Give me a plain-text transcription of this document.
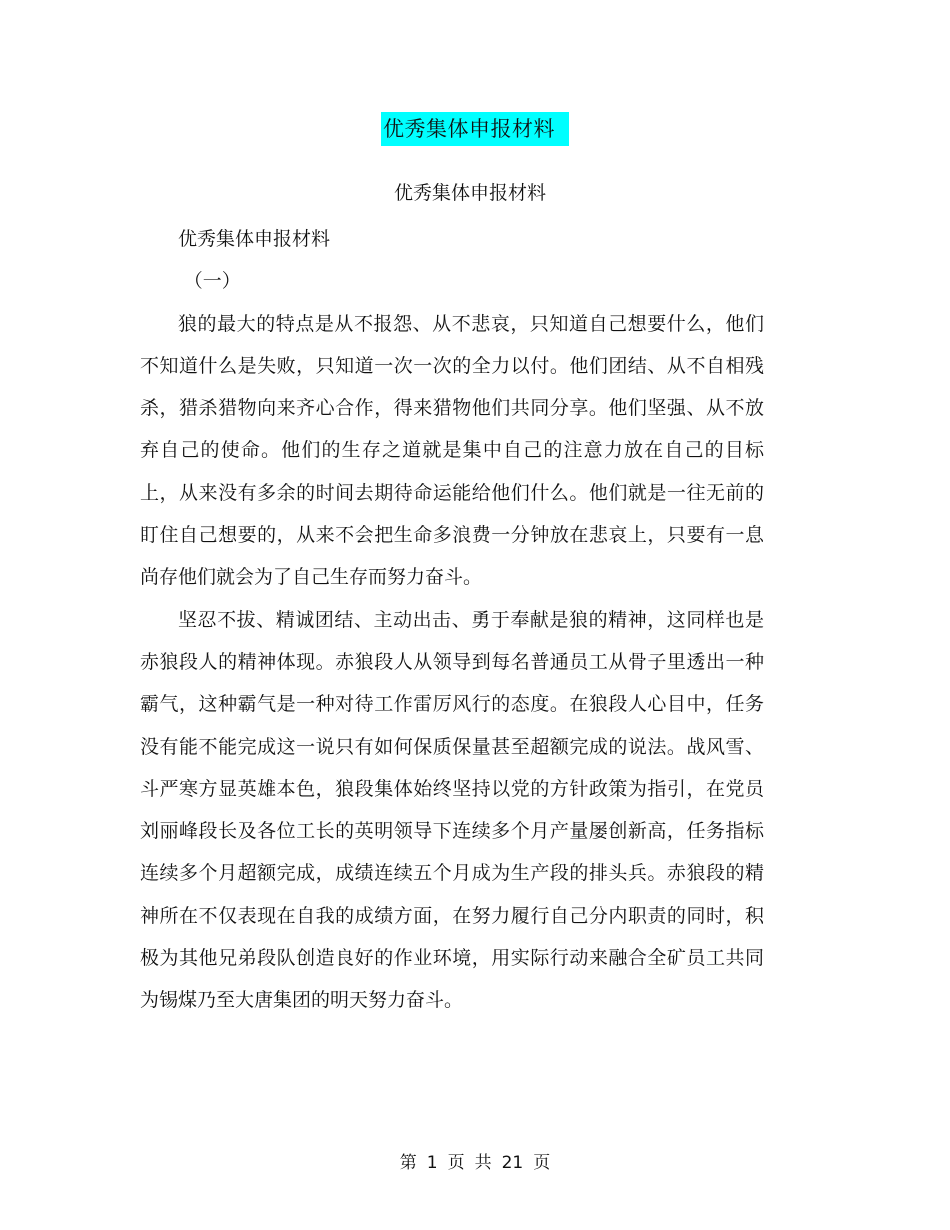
优秀集体申报材料
优秀集体申报材料

优秀集体申报材料

（一）

狼的最大的特点是从不报怨、从不悲哀，只知道自己想要什么，他们不知道什么是失败，只知道一次一次的全力以付。他们团结、从不自相残杀，猎杀猎物向来齐心合作，得来猎物他们共同分享。他们坚强、从不放弃自己的使命。他们的生存之道就是集中自己的注意力放在自己的目标上，从来没有多余的时间去期待命运能给他们什么。他们就是一往无前的盯住自己想要的，从来不会把生命多浪费一分钟放在悲哀上，只要有一息尚存他们就会为了自己生存而努力奋斗。

坚忍不拔、精诚团结、主动出击、勇于奉献是狼的精神，这同样也是赤狼段人的精神体现。赤狼段人从领导到每名普通员工从骨子里透出一种霸气，这种霸气是一种对待工作雷厉风行的态度。在狼段人心目中，任务没有能不能完成这一说只有如何保质保量甚至超额完成的说法。战风雪、斗严寒方显英雄本色，狼段集体始终坚持以党的方针政策为指引，在党员刘丽峰段长及各位工长的英明领导下连续多个月产量屡创新高，任务指标连续多个月超额完成，成绩连续五个月成为生产段的排头兵。赤狼段的精神所在不仅表现在自我的成绩方面，在努力履行自己分内职责的同时，积极为其他兄弟段队创造良好的作业环境，用实际行动来融合全矿员工共同为锡煤乃至大唐集团的明天努力奋斗。

第 1 页 共 21 页
